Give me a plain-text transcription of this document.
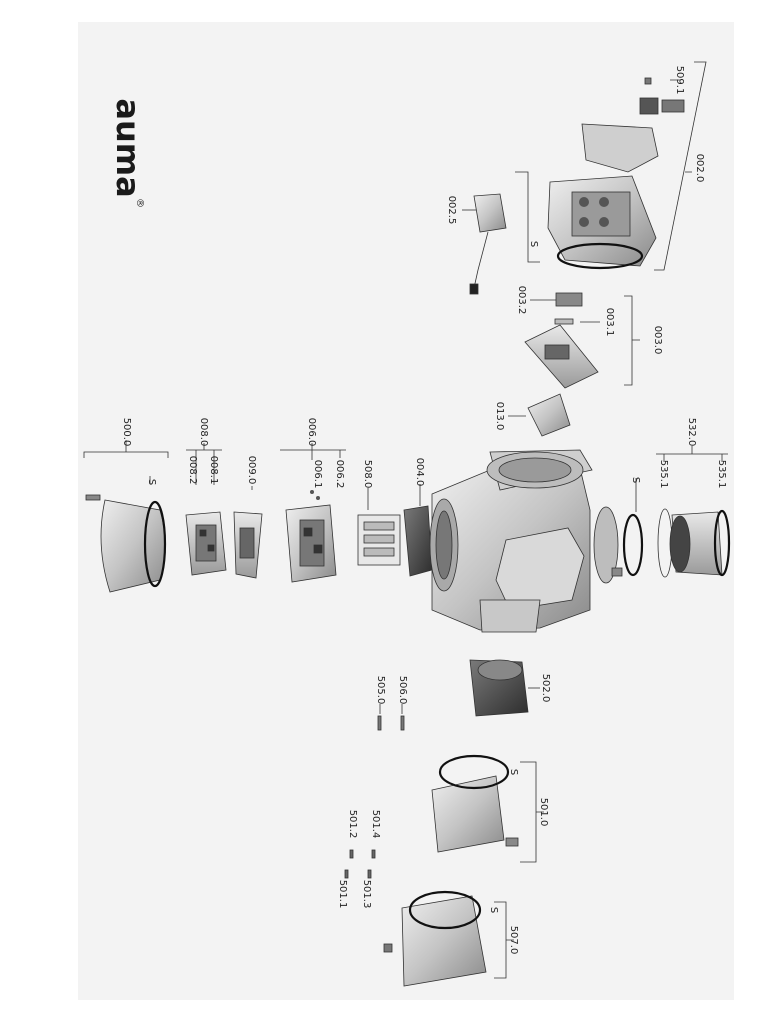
auma
®
500.0	008.0
008.2 008.1	009.0
006.0
006.1 006.2 508.0	004.0
013.0
532.0
535.1	535.1
003.0
003.1
003.2
002.5
002.0
509.1
505.0 506.0	502.0
501.0
501.1
501.2
501.3
501.4
507.0
S	S
S
S
S
